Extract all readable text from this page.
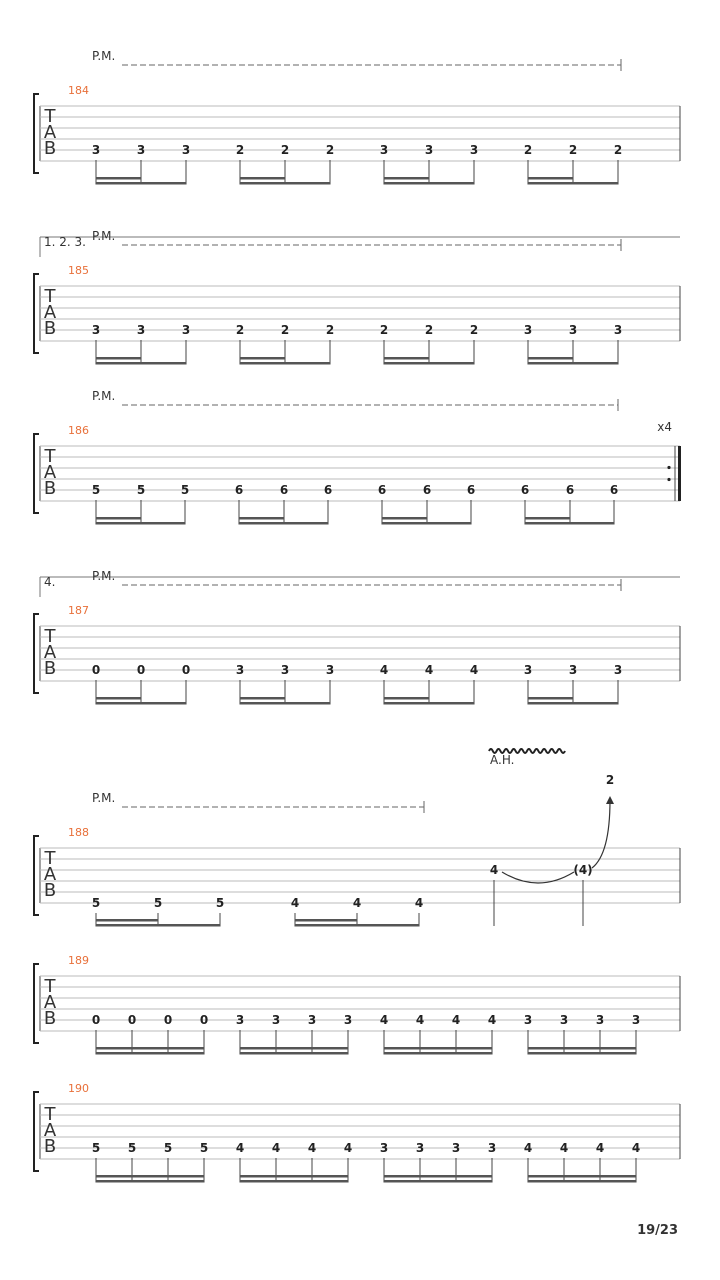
184
T
A
B
P.M.
3	3	3	2	2	2	3	3	3	2	2	2
185
T
A
B
1. 2. 3. P.M.
3	3	3	2	2	2	2	2	2	3	3	3
186
T
A
B
P.M.
x4
5	5	5	6	6	6	6	6	6	6	6	6
187
T
A
B
4.	P.M.
0	0	0	3	3	3	4	4	4	3	3	3
188
T
A
B
P.M.
5	5	5	4	4	4
4	(4)
2
A.H.
189
T
A
B	0 0 0 0 3 3 3 3 4 4 4 4 3 3 3 3
190
T
A
B	5 5 5 5 4 4 4 4 3 3 3 3 4 4 4 4
19/23
